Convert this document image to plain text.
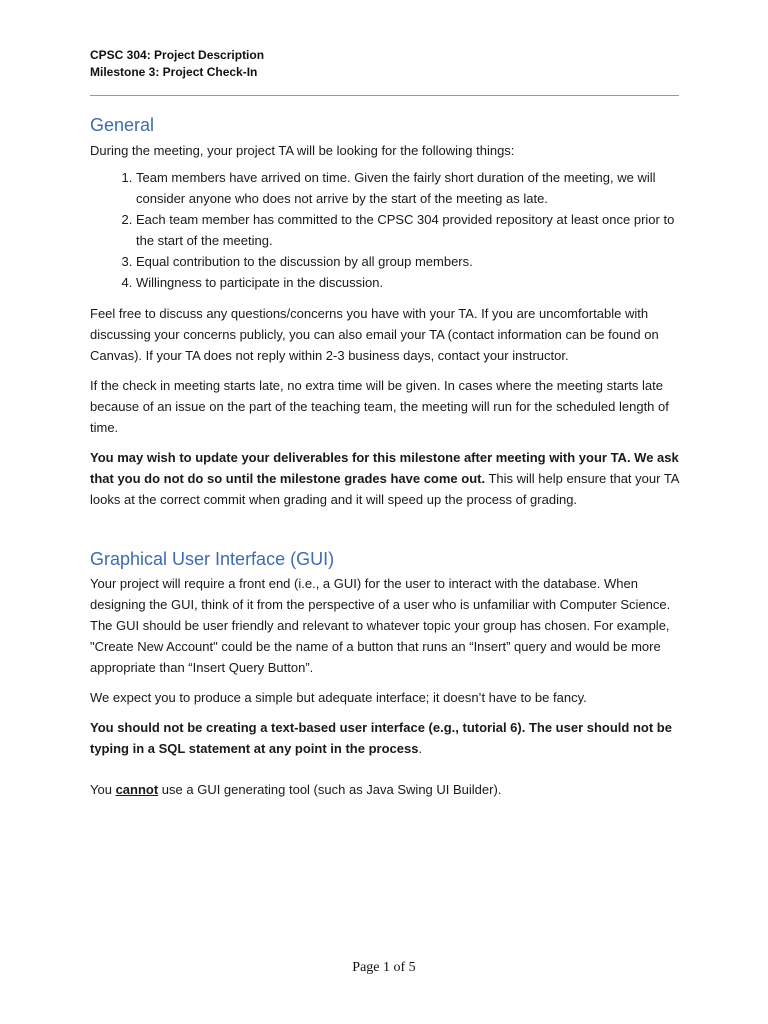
CPSC 304: Project Description
Milestone 3: Project Check-In
General

During the meeting, your project TA will be looking for the following things:

1. Team members have arrived on time. Given the fairly short duration of the meeting, we will consider anyone who does not arrive by the start of the meeting as late.
2. Each team member has committed to the CPSC 304 provided repository at least once prior to the start of the meeting.
3. Equal contribution to the discussion by all group members.
4. Willingness to participate in the discussion.

Feel free to discuss any questions/concerns you have with your TA. If you are uncomfortable with discussing your concerns publicly, you can also email your TA (contact information can be found on Canvas). If your TA does not reply within 2-3 business days, contact your instructor.

If the check in meeting starts late, no extra time will be given. In cases where the meeting starts late because of an issue on the part of the teaching team, the meeting will run for the scheduled length of time.

You may wish to update your deliverables for this milestone after meeting with your TA. We ask that you do not do so until the milestone grades have come out. This will help ensure that your TA looks at the correct commit when grading and it will speed up the process of grading.

Graphical User Interface (GUI)

Your project will require a front end (i.e., a GUI) for the user to interact with the database. When designing the GUI, think of it from the perspective of a user who is unfamiliar with Computer Science. The GUI should be user friendly and relevant to whatever topic your group has chosen. For example, "Create New Account" could be the name of a button that runs an “Insert” query and would be more appropriate than “Insert Query Button”.

We expect you to produce a simple but adequate interface; it doesn’t have to be fancy.

You should not be creating a text-based user interface (e.g., tutorial 6). The user should not be typing in a SQL statement at any point in the process.

You cannot use a GUI generating tool (such as Java Swing UI Builder).

Page 1 of 5
